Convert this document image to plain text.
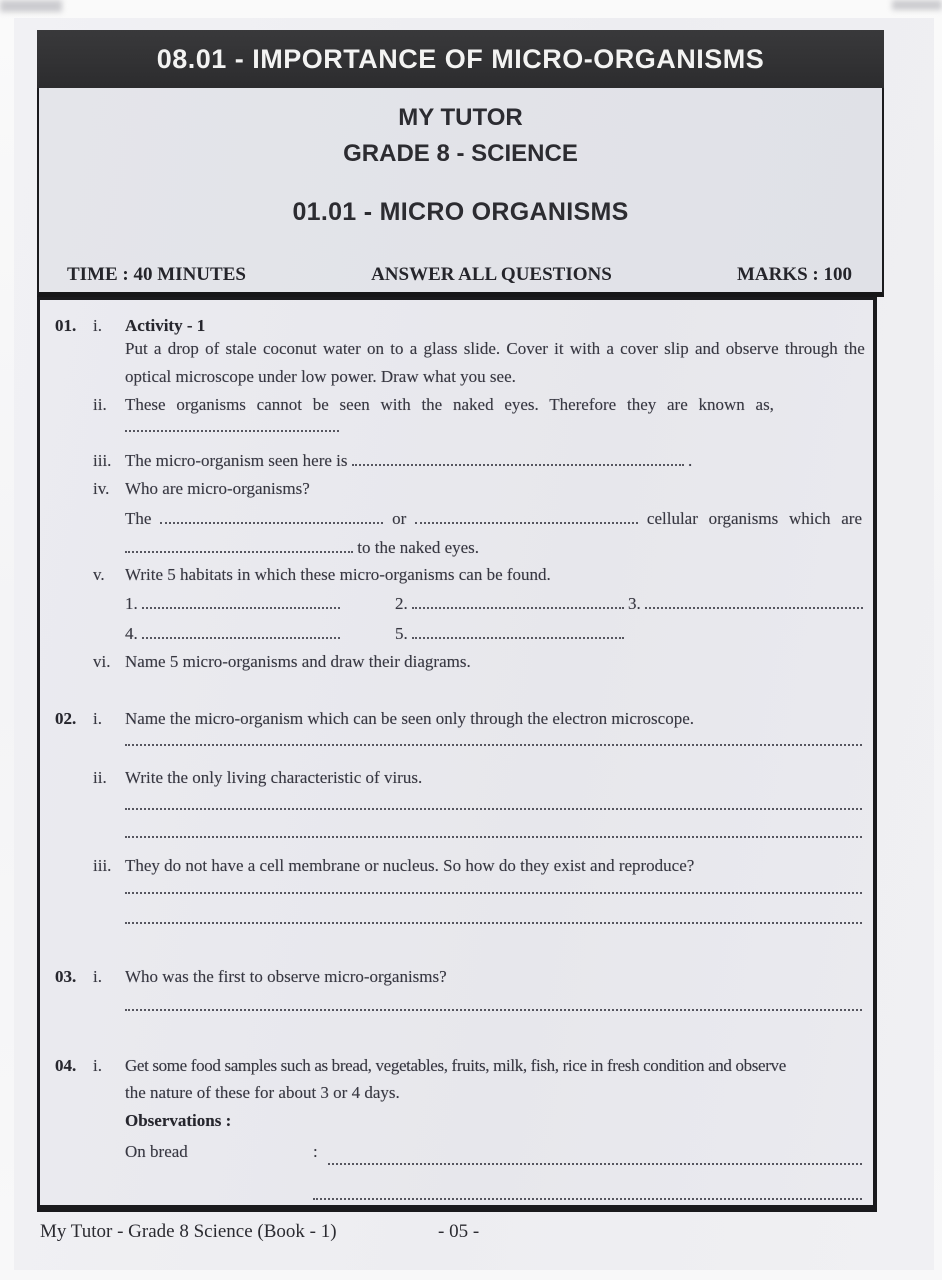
08.01 - IMPORTANCE OF MICRO-ORGANISMS
MY TUTOR
GRADE 8 - SCIENCE
01.01 - MICRO ORGANISMS
TIME : 40 MINUTES	ANSWER ALL QUESTIONS	MARKS : 100
01. i. Activity - 1
Put a drop of stale coconut water on to a glass slide. Cover it with a cover slip and observe through the
optical microscope under low power. Draw what you see.
ii. These organisms cannot be seen with the naked eyes. Therefore they are known as,
iii. The micro-organism seen here is	.
iv. Who are micro-organisms?
The	or	cellular organisms which are
to the naked eyes.
v. Write 5 habitats in which these micro-organisms can be found.
1.	2.	3.
4.	5.
vi. Name 5 micro-organisms and draw their diagrams.
02. i. Name the micro-organism which can be seen only through the electron microscope.
ii. Write the only living characteristic of virus.
iii. They do not have a cell membrane or nucleus. So how do they exist and reproduce?
03. i. Who was the first to observe micro-organisms?
04. i. Get some food samples such as bread, vegetables, fruits, milk, fish, rice in fresh condition and observe
the nature of these for about 3 or 4 days.
Observations :
On bread	:
My Tutor - Grade 8 Science (Book - 1)	- 05 -
